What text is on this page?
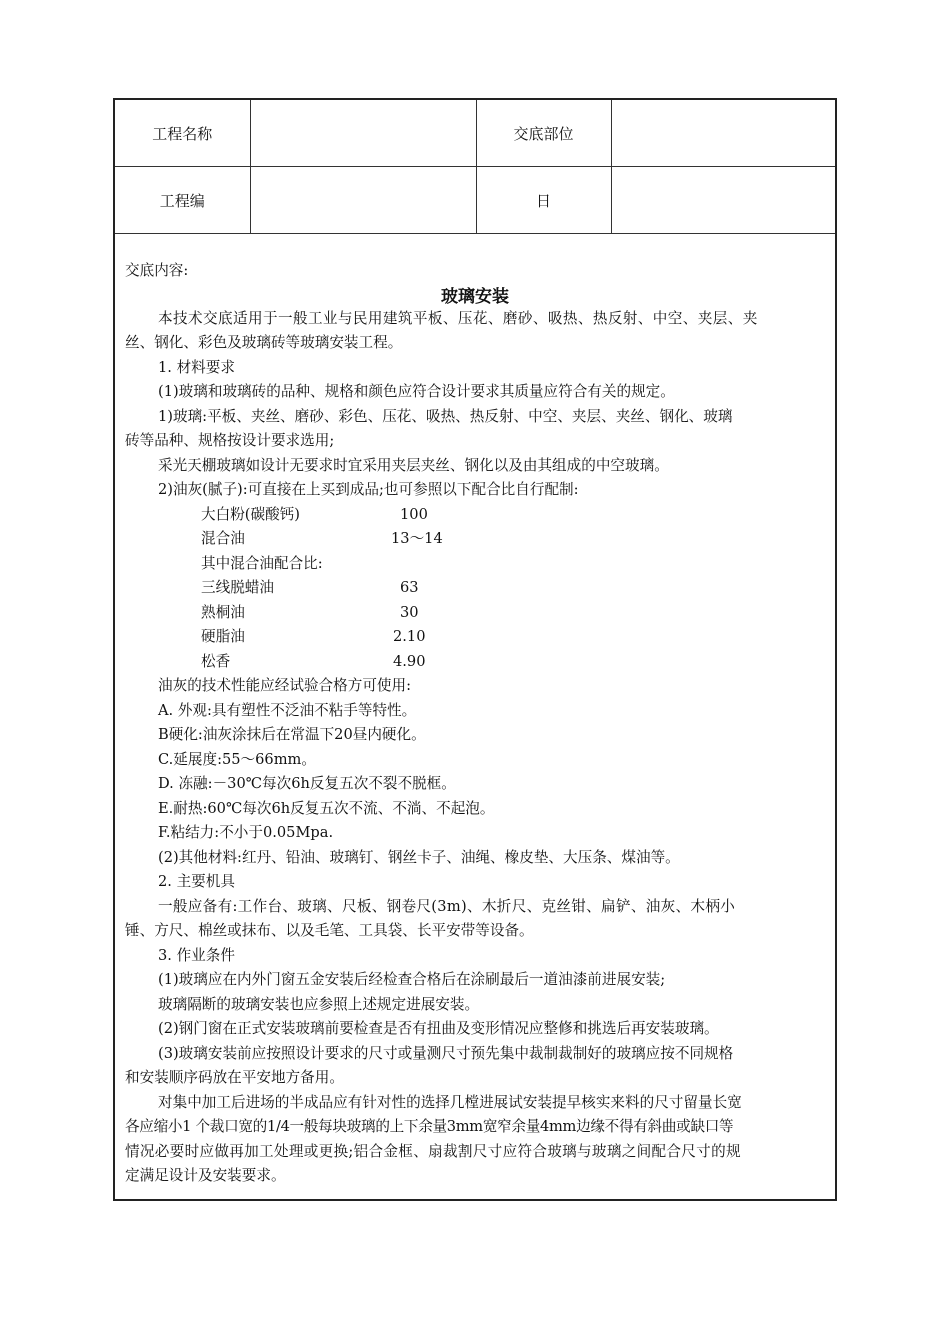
工程名称		交底部位	
工程编		日	
交底内容:
玻璃安装
本技术交底适用于一般工业与民用建筑平板、压花、磨砂、吸热、热反射、中空、夹层、夹
丝、钢化、彩色及玻璃砖等玻璃安装工程。
1. 材料要求
(1)玻璃和玻璃砖的品种、规格和颜色应符合设计要求其质量应符合有关的规定。
1)玻璃:平板、夹丝、磨砂、彩色、压花、吸热、热反射、中空、夹层、夹丝、钢化、玻璃
砖等品种、规格按设计要求选用;
采光天棚玻璃如设计无要求时宜采用夹层夹丝、钢化以及由其组成的中空玻璃。
2)油灰(腻子):可直接在上买到成品;也可参照以下配合比自行配制:
大白粉(碳酸钙)	100
混合油	13～14
其中混合油配合比:
三线脱蜡油	63
熟桐油	30
硬脂油	2.10
松香	4.90
油灰的技术性能应经试验合格方可使用:
A. 外观:具有塑性不泛油不粘手等特性。
B硬化:油灰涂抹后在常温下20昼内硬化。
C.延展度:55～66mm。
D. 冻融:－30℃每次6h反复五次不裂不脱框。
E.耐热:60℃每次6h反复五次不流、不淌、不起泡。
F.粘结力:不小于0.05Mpa.
(2)其他材料:红丹、铅油、玻璃钉、钢丝卡子、油绳、橡皮垫、大压条、煤油等。
2. 主要机具
一般应备有:工作台、玻璃、尺板、钢卷尺(3m)、木折尺、克丝钳、扁铲、油灰、木柄小
锤、方尺、棉丝或抹布、以及毛笔、工具袋、长平安带等设备。
3. 作业条件
(1)玻璃应在内外门窗五金安装后经检查合格后在涂刷最后一道油漆前进展安装;
玻璃隔断的玻璃安装也应参照上述规定进展安装。
(2)钢门窗在正式安装玻璃前要检查是否有扭曲及变形情况应整修和挑选后再安装玻璃。
(3)玻璃安装前应按照设计要求的尺寸或量测尺寸预先集中裁制裁制好的玻璃应按不同规格
和安装顺序码放在平安地方备用。
对集中加工后进场的半成品应有针对性的选择几樘进展试安装提早核实来料的尺寸留量长宽
各应缩小1 个裁口宽的1/4一般每块玻璃的上下余量3mm宽窄余量4mm边缘不得有斜曲或缺口等
情况必要时应做再加工处理或更换;铝合金框、扇裁割尺寸应符合玻璃与玻璃之间配合尺寸的规
定满足设计及安装要求。
